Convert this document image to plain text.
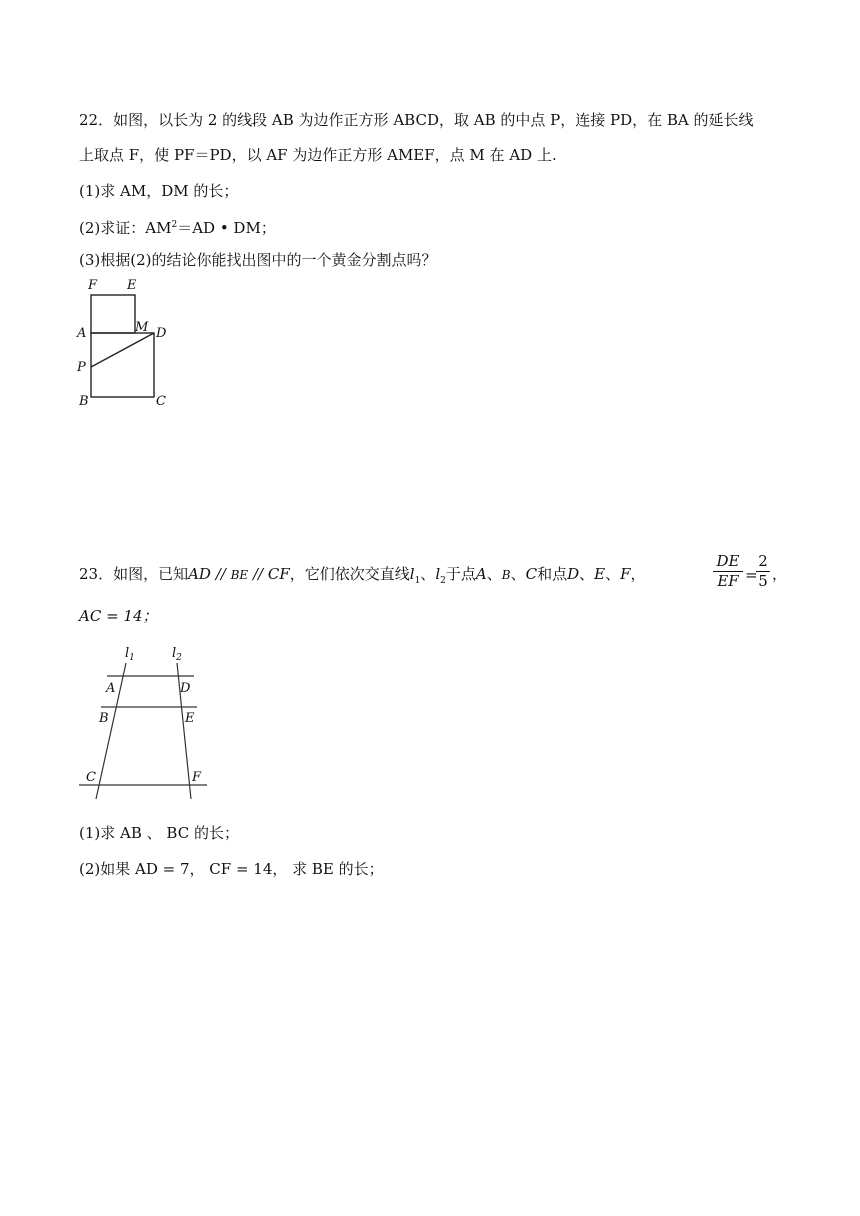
22．如图，以长为 2 的线段 AB 为边作正方形 ABCD，取 AB 的中点 P，连接 PD，在 BA 的延长线
上取点 F，使 PF＝PD，以 AF 为边作正方形 AMEF，点 M 在 AD 上.
(1)求 AM，DM 的长；
(2)求证：$AM^2=AD$ • DM；
(3)根据(2)的结论你能找出图中的一个黄金分割点吗？
F E
A	M D
P
B	C
23．如图，已知AD // BE // CF，它们依次交直线$l_1$、$l_2$于点A、B、C和点D、E、F，	$\frac{DE}{EF}$ =
$\frac{2}{5}$ ，
AC = 14；
$l_1$	$l_2$
A	D
B	E
C	F
(1)求 AB 、 BC 的长；
(2)如果 AD = 7， CF = 14， 求 BE 的长；
